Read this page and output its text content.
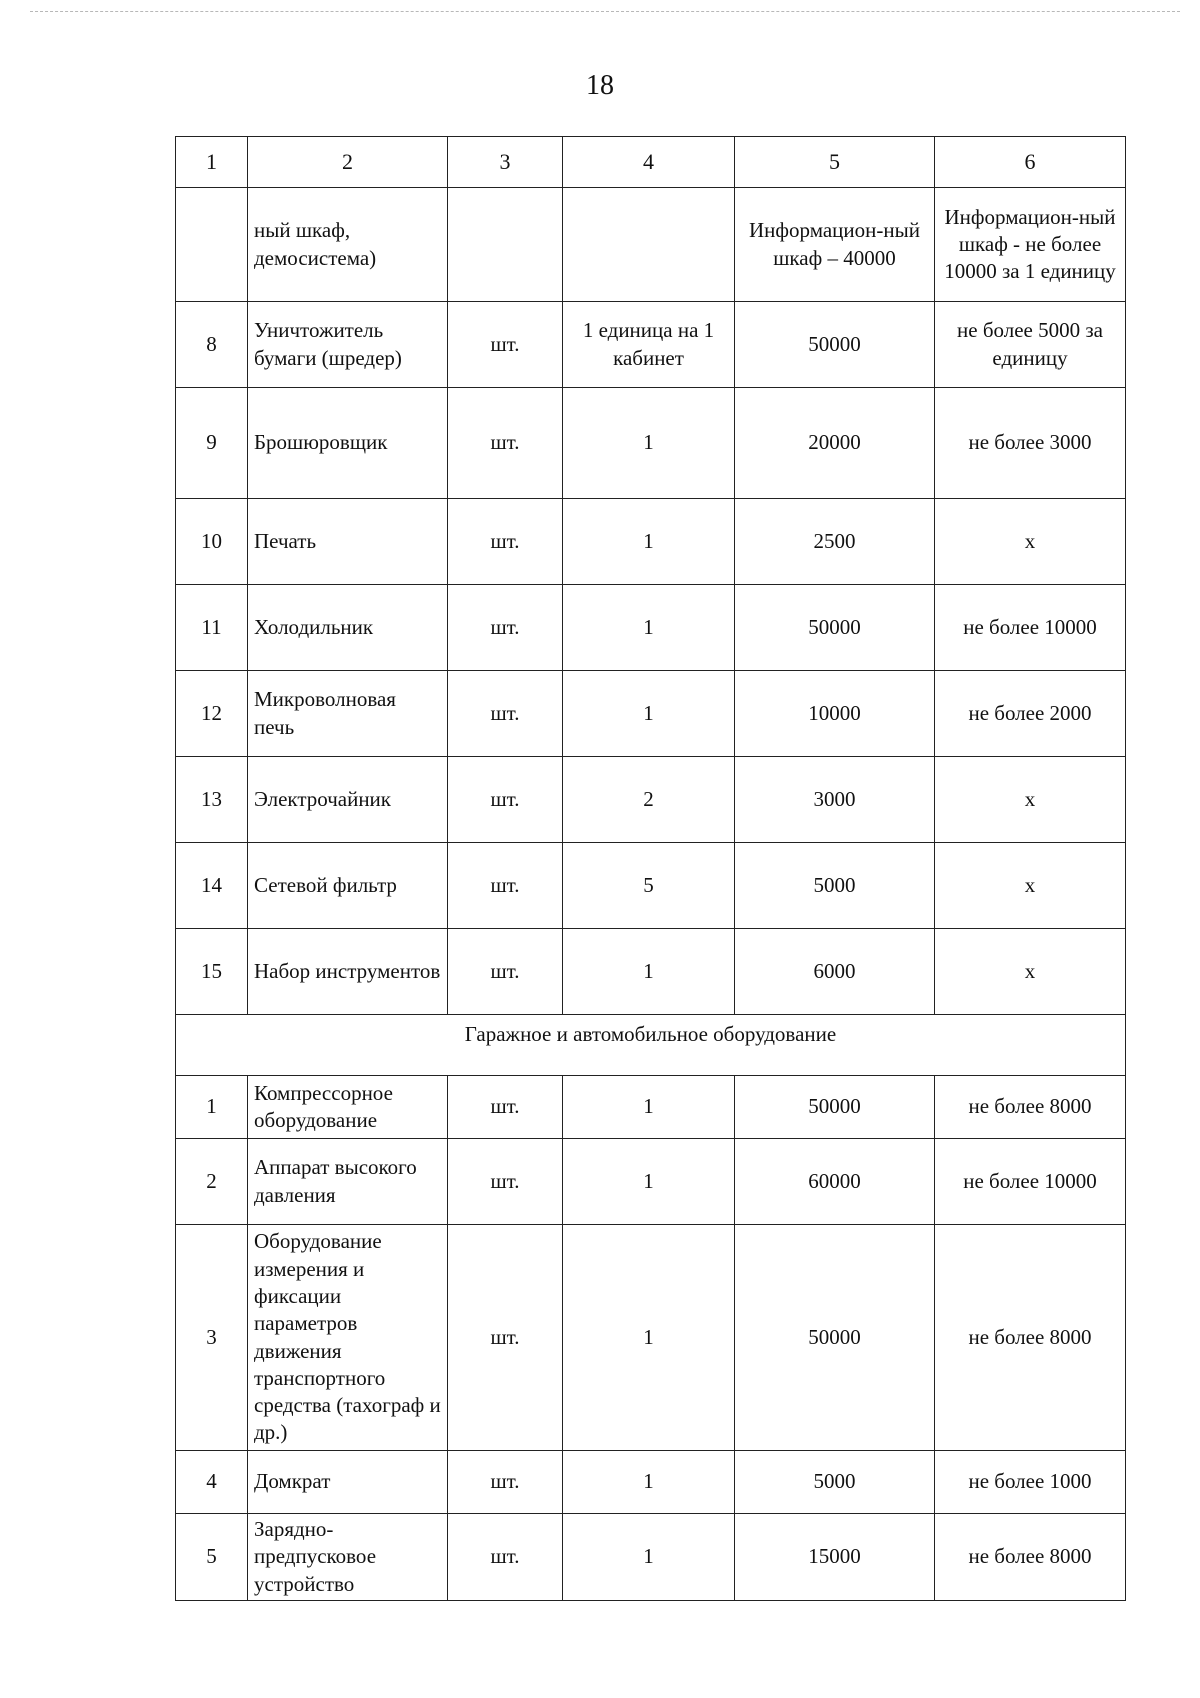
18
1	2	3	4	5	6
	ный шкаф, демосистема)			Информацион-ный шкаф – 40000	Информацион-ный шкаф - не более 10000 за 1 единицу
8	Уничтожитель бумаги (шредер)	шт.	1 единица на 1 кабинет	50000	не более 5000 за единицу
9	Брошюровщик	шт.	1	20000	не более 3000
10	Печать	шт.	1	2500	х
11	Холодильник	шт.	1	50000	не более 10000
12	Микроволновая печь	шт.	1	10000	не более 2000
13	Электрочайник	шт.	2	3000	х
14	Сетевой фильтр	шт.	5	5000	х
15	Набор инструментов	шт.	1	6000	х
Гаражное и автомобильное оборудование					
1	Компрессорное оборудование	шт.	1	50000	не более 8000
2	Аппарат высокого давления	шт.	1	60000	не более 10000
3	Оборудование измерения и фиксации параметров движения транспортного средства (тахограф и др.)	шт.	1	50000	не более 8000
4	Домкрат	шт.	1	5000	не более 1000
5	Зарядно-предпусковое устройство	шт.	1	15000	не более 8000
